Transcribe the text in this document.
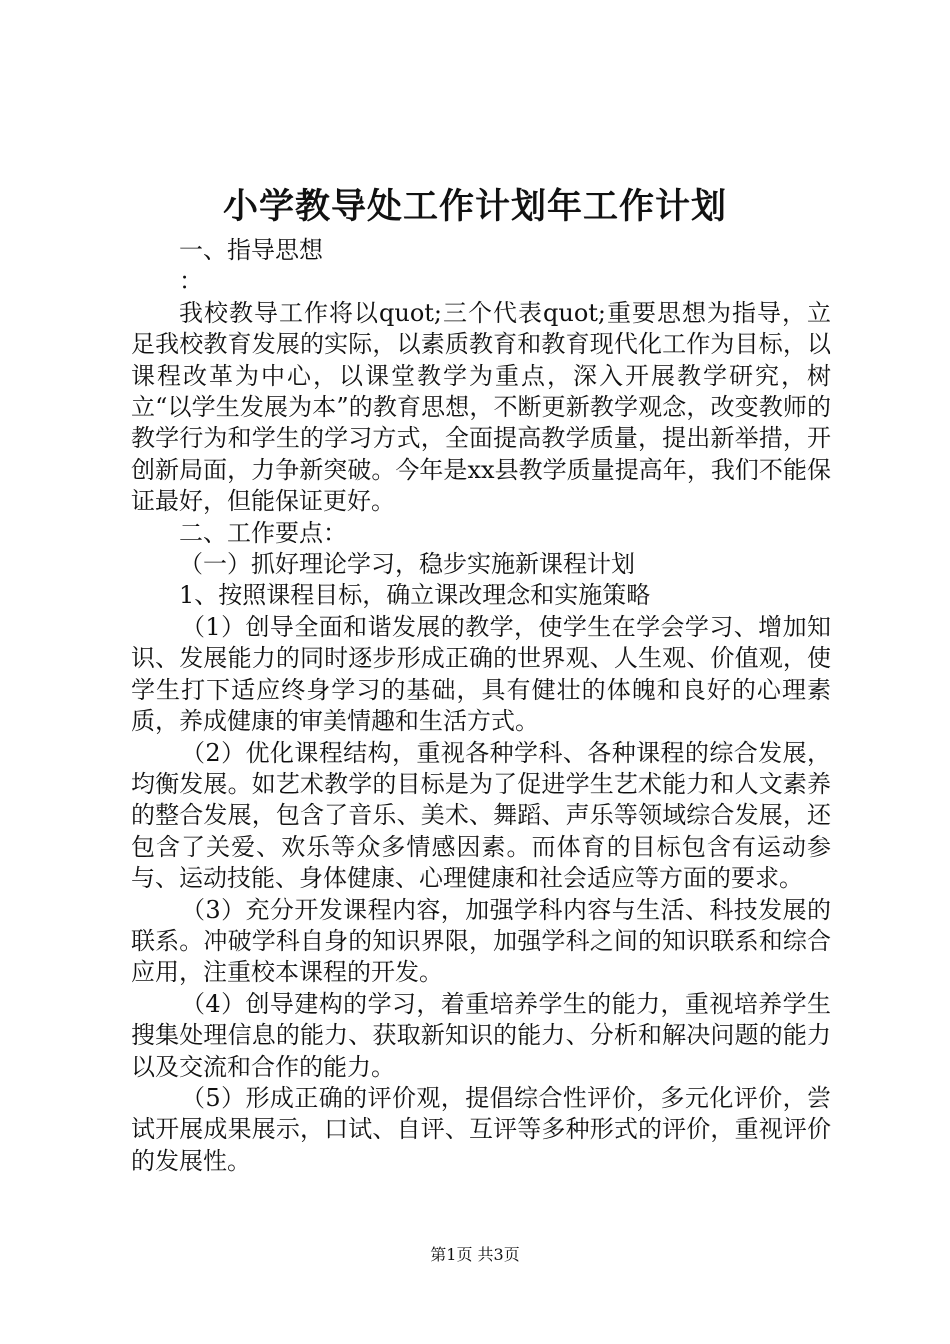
小学教导处工作计划年工作计划

一、指导思想

：

我校教导工作将以quot;三个代表quot;重要思想为指导，立足我校教育发展的实际，以素质教育和教育现代化工作为目标，以课程改革为中心，以课堂教学为重点，深入开展教学研究，树立“以学生发展为本”的教育思想，不断更新教学观念，改变教师的教学行为和学生的学习方式，全面提高教学质量，提出新举措，开创新局面，力争新突破。今年是xx县教学质量提高年，我们不能保证最好，但能保证更好。

二、工作要点：

（一）抓好理论学习，稳步实施新课程计划

1、按照课程目标，确立课改理念和实施策略

（1）创导全面和谐发展的教学，使学生在学会学习、增加知识、发展能力的同时逐步形成正确的世界观、人生观、价值观，使学生打下适应终身学习的基础，具有健壮的体魄和良好的心理素质，养成健康的审美情趣和生活方式。

（2）优化课程结构，重视各种学科、各种课程的综合发展，均衡发展。如艺术教学的目标是为了促进学生艺术能力和人文素养的整合发展，包含了音乐、美术、舞蹈、声乐等领域综合发展，还包含了关爱、欢乐等众多情感因素。而体育的目标包含有运动参与、运动技能、身体健康、心理健康和社会适应等方面的要求。

（3）充分开发课程内容，加强学科内容与生活、科技发展的联系。冲破学科自身的知识界限，加强学科之间的知识联系和综合应用，注重校本课程的开发。

（4）创导建构的学习，着重培养学生的能力，重视培养学生搜集处理信息的能力、获取新知识的能力、分析和解决问题的能力以及交流和合作的能力。

（5）形成正确的评价观，提倡综合性评价，多元化评价，尝试开展成果展示，口试、自评、互评等多种形式的评价，重视评价的发展性。

第1页 共3页
